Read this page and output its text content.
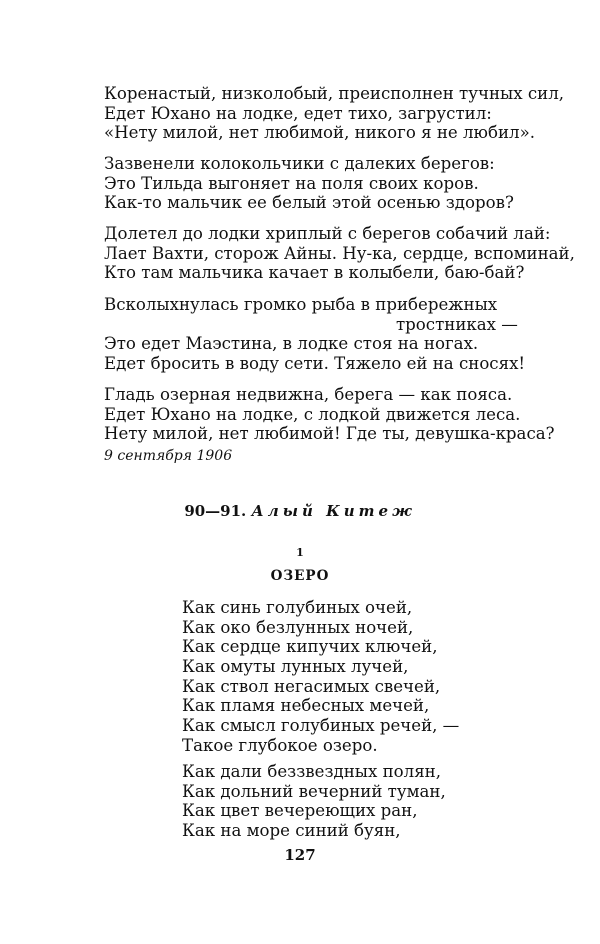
Коренастый, низколобый, преисполнен тучных сил,
Едет Юхано на лодке, едет тихо, загрустил:
«Нету милой, нет любимой, никого я не любил».
Зазвенели колокольчики с далеких берегов:
Это Тильда выгоняет на поля своих коров.
Как-то мальчик ее белый этой осенью здоров?
Долетел до лодки хриплый с берегов собачий лай:
Лает Вахти, сторож Айны. Ну-ка, сердце, вспоминай,
Кто там мальчика качает в колыбели, баю-бай?
Всколыхнулась громко рыба в прибережных
тростниках —
Это едет Маэстина, в лодке стоя на ногах.
Едет бросить в воду сети. Тяжело ей на сносях!
Гладь озерная недвижна, берега — как пояса.
Едет Юхано на лодке, с лодкой движется леса.
Нету милой, нет любимой! Где ты, девушка-краса?
9 сентября 1906
90—91. Алый Китеж
1
ОЗЕРО
Как синь голубиных очей,
Как око безлунных ночей,
Как сердце кипучих ключей,
Как омуты лунных лучей,
Как ствол негасимых свечей,
Как пламя небесных мечей,
Как смысл голубиных речей, —
Такое глубокое озеро.
Как дали беззвездных полян,
Как дольний вечерний туман,
Как цвет вечереющих ран,
Как на море синий буян,
127
